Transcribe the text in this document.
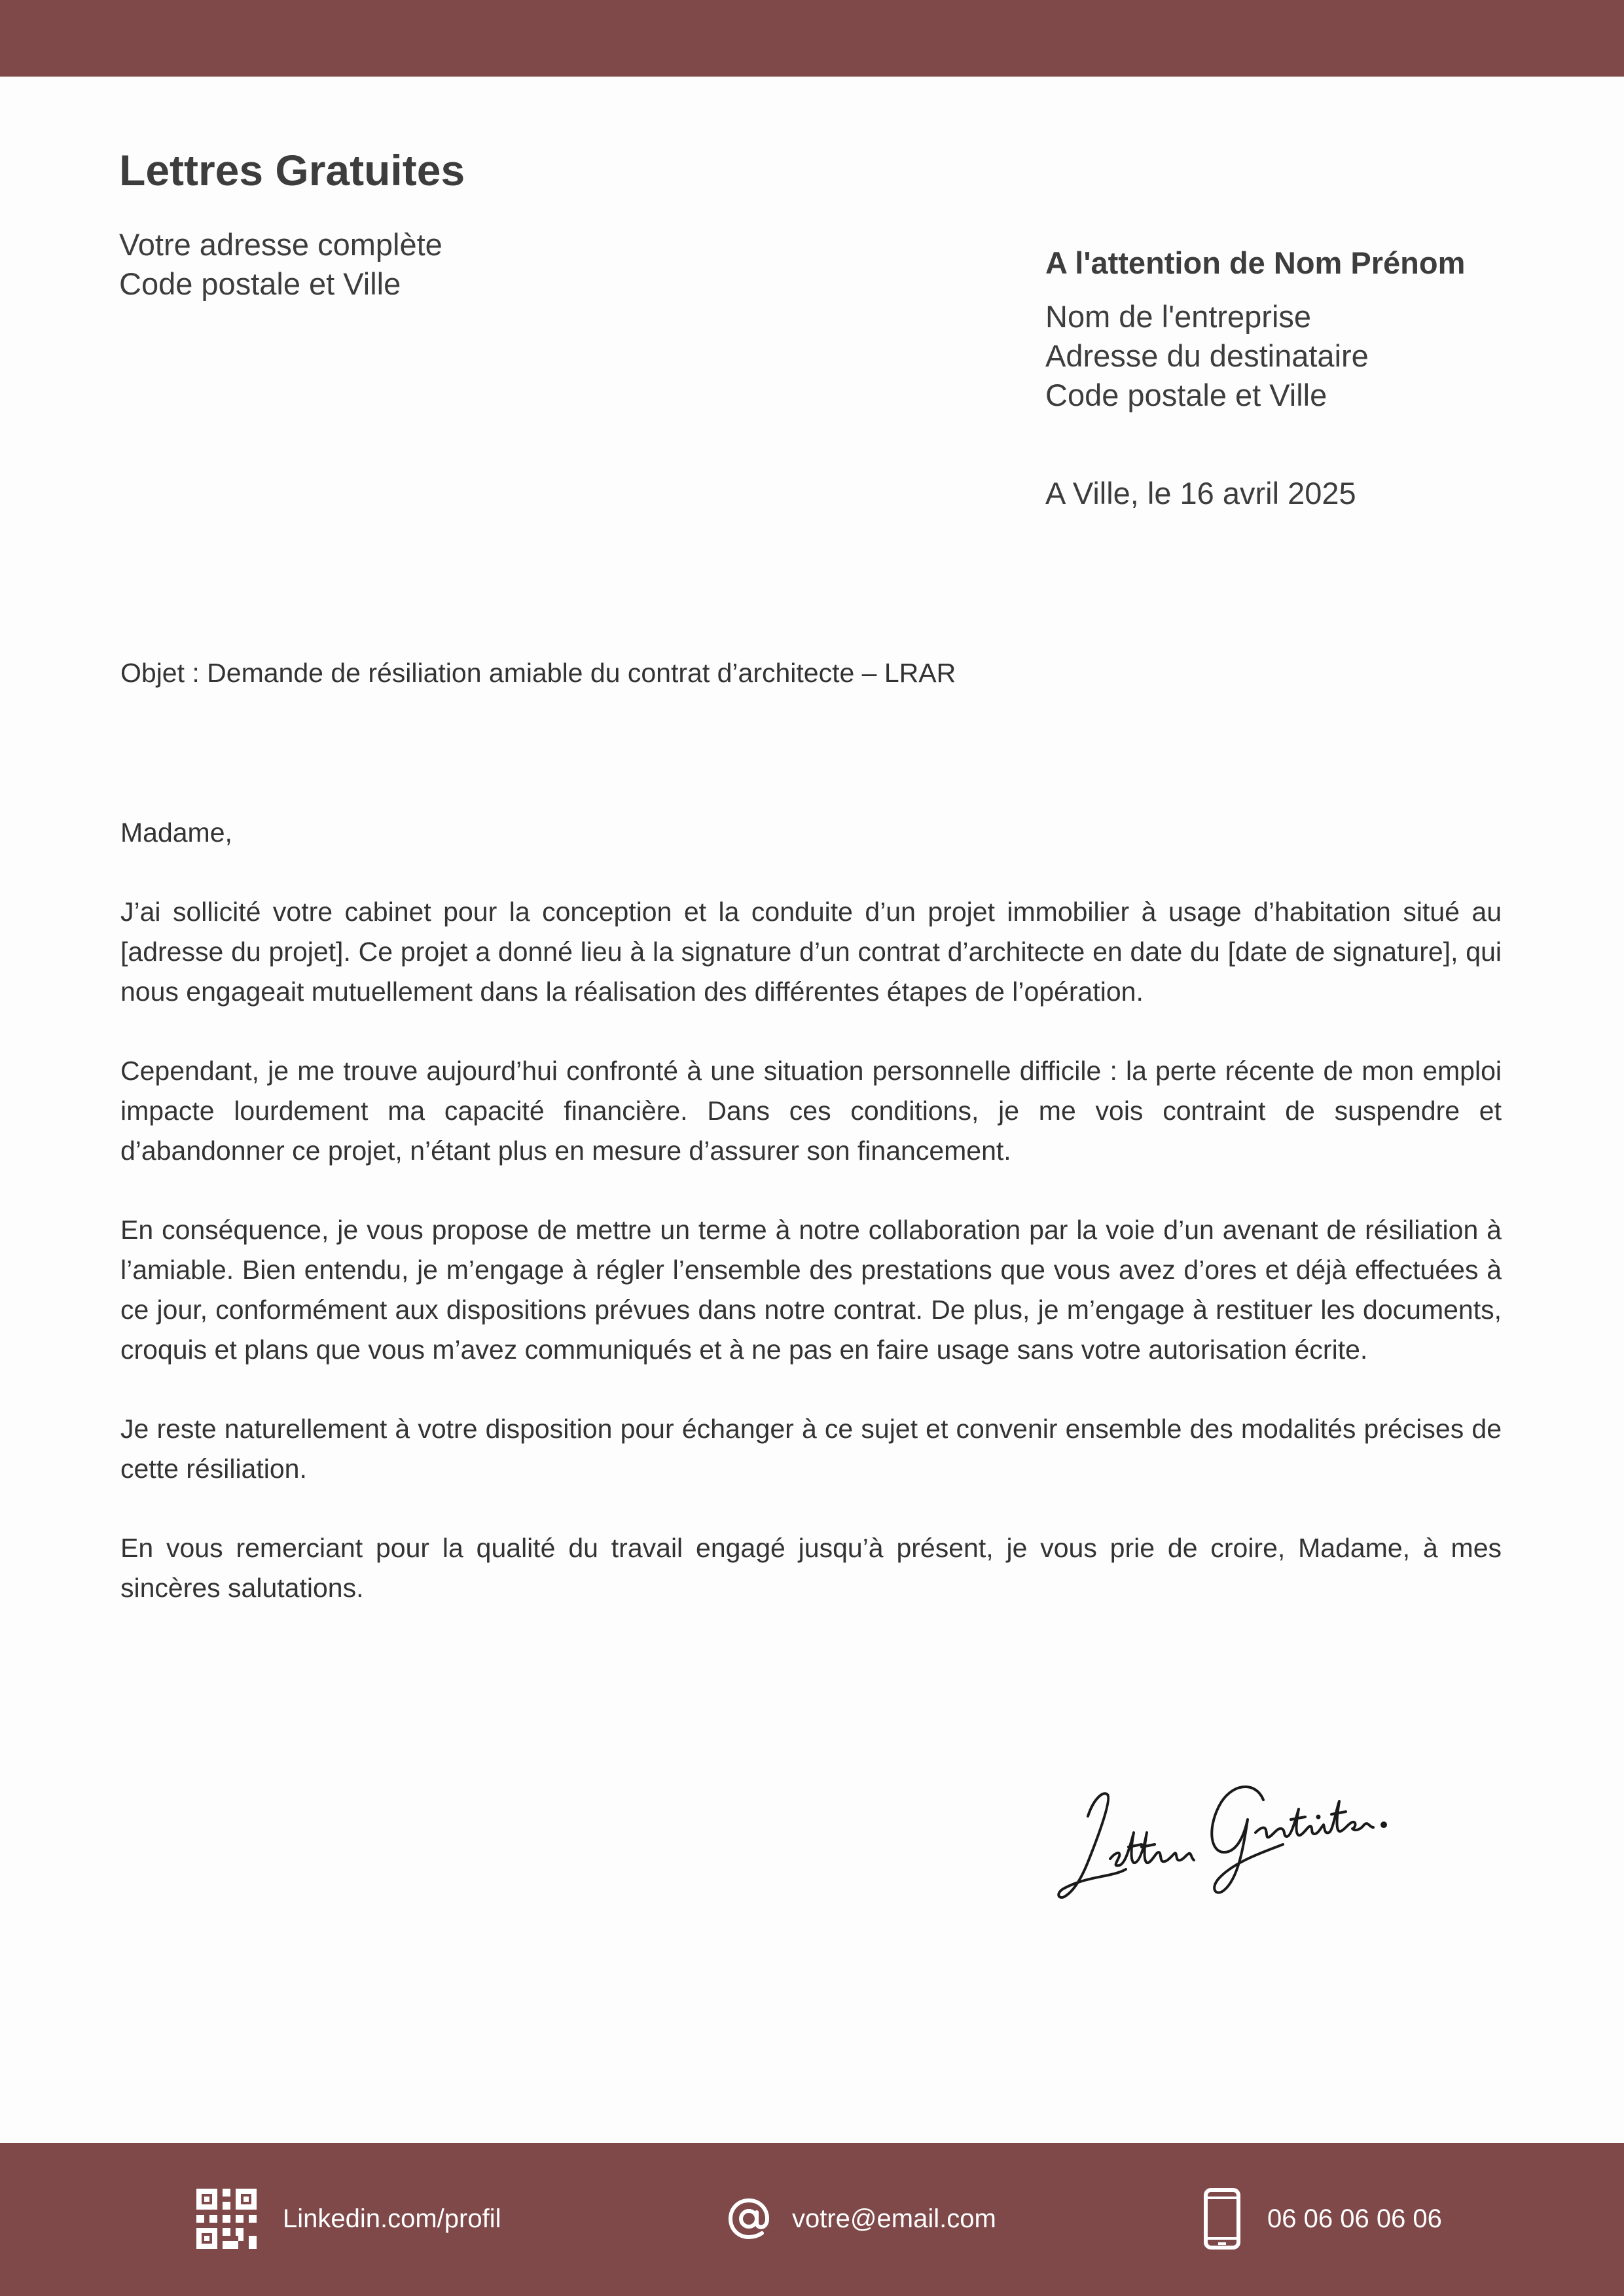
Lettres Gratuites
Votre adresse complète
Code postale et Ville
A l'attention de Nom Prénom
Nom de l'entreprise
Adresse du destinataire
Code postale et Ville
A Ville, le 16 avril 2025
Objet : Demande de résiliation amiable du contrat d’architecte – LRAR

Madame,

J’ai sollicité votre cabinet pour la conception et la conduite d’un projet immobilier à usage d’habitation situé au [adresse du projet]. Ce projet a donné lieu à la signature d’un contrat d’architecte en date du [date de signature], qui nous engageait mutuellement dans la réalisation des différentes étapes de l’opération.

Cependant, je me trouve aujourd’hui confronté à une situation personnelle difficile : la perte récente de mon emploi impacte lourdement ma capacité financière. Dans ces conditions, je me vois contraint de suspendre et d’abandonner ce projet, n’étant plus en mesure d’assurer son financement.

En conséquence, je vous propose de mettre un terme à notre collaboration par la voie d’un avenant de résiliation à l’amiable. Bien entendu, je m’engage à régler l’ensemble des prestations que vous avez d’ores et déjà effectuées à ce jour, conformément aux dispositions prévues dans notre contrat. De plus, je m’engage à restituer les documents, croquis et plans que vous m’avez communiqués et à ne pas en faire usage sans votre autorisation écrite.

Je reste naturellement à votre disposition pour échanger à ce sujet et convenir ensemble des modalités précises de cette résiliation.

En vous remerciant pour la qualité du travail engagé jusqu’à présent, je vous prie de croire, Madame, à mes sincères salutations.

Linkedin.com/profil	votre@email.com	06 06 06 06 06
